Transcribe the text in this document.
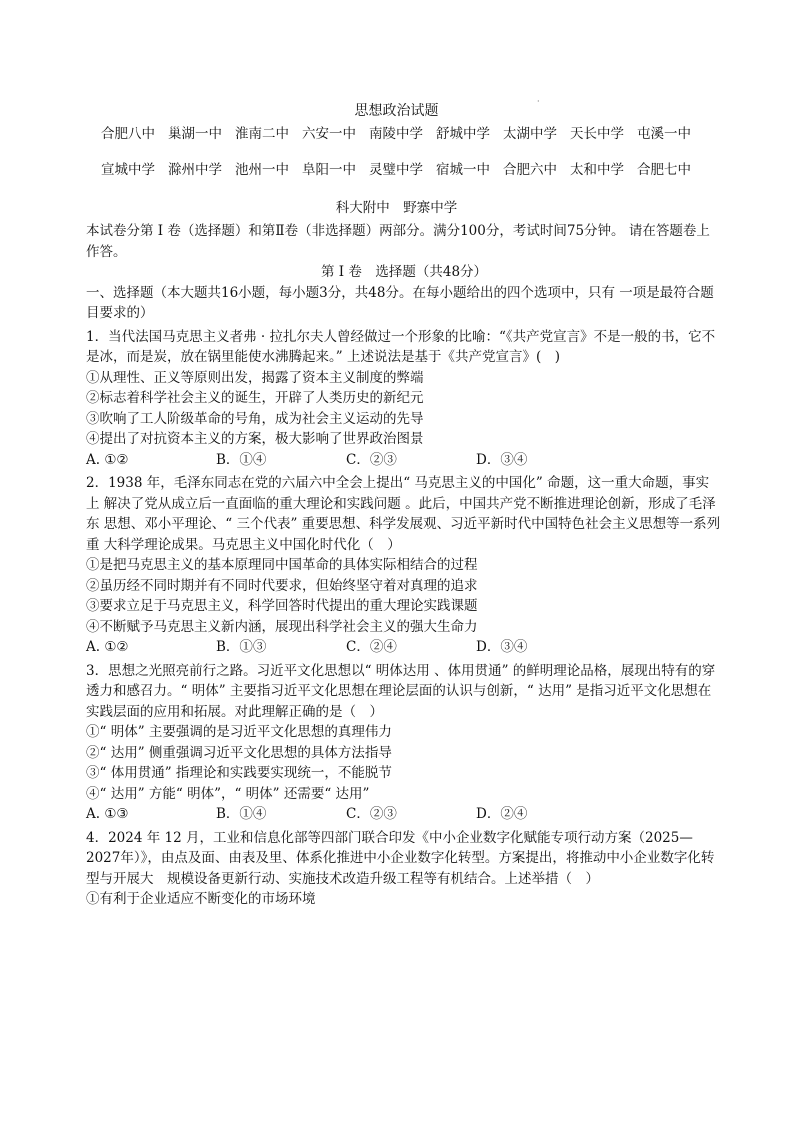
·
思想政治试题
合肥八中 巢湖一中 淮南二中 六安一中 南陵中学 舒城中学 太湖中学 天长中学 屯溪一中
宣城中学 滁州中学 池州一中 阜阳一中 灵璧中学 宿城一中 合肥六中 太和中学 合肥七中
科大附中　野寨中学

本试卷分第 Ⅰ 卷（选择题）和第Ⅱ卷（非选择题）两部分。满分100分，考试时间75分钟。 请在答题卷上作答。

第 Ⅰ 卷　选择题（共48分）

一、选择题（本大题共16小题，每小题3分，共48分。在每小题给出的四个选项中，只有 一项是最符合题目要求的）

1．当代法国马克思主义者弗 · 拉扎尔夫人曾经做过一个形象的比喻：“《共产党宣言》不是一般的书，它不是冰，而是炭，放在锅里能使水沸腾起来。” 上述说法是基于《共产党宣言》(　)

①从理性、正义等原则出发，揭露了资本主义制度的弊端

②标志着科学社会主义的诞生，开辟了人类历史的新纪元

③吹响了工人阶级革命的号角，成为社会主义运动的先导

④提出了对抗资本主义的方案，极大影响了世界政治图景

A. ①②	B．①④	C．②③	D．③④

2．1938 年，毛泽东同志在党的六届六中全会上提出“ 马克思主义的中国化” 命题，这一重大命题，事实上 解决了党从成立后一直面临的重大理论和实践问题 。此后，中国共产党不断推进理论创新，形成了毛泽东 思想、邓小平理论、“ 三个代表” 重要思想、科学发展观、习近平新时代中国特色社会主义思想等一系列重 大科学理论成果。马克思主义中国化时代化（　）

①是把马克思主义的基本原理同中国革命的具体实际相结合的过程

②虽历经不同时期并有不同时代要求，但始终坚守着对真理的追求

③要求立足于马克思主义，科学回答时代提出的重大理论实践课题

④不断赋予马克思主义新内涵，展现出科学社会主义的强大生命力

A. ①②	B．①③	C．②④	D．③④

3．思想之光照亮前行之路。习近平文化思想以“ 明体达用 、体用贯通” 的鲜明理论品格，展现出特有的穿 透力和感召力。“ 明体” 主要指习近平文化思想在理论层面的认识与创新，“ 达用” 是指习近平文化思想在 实践层面的应用和拓展。对此理解正确的是（　）

①“ 明体” 主要强调的是习近平文化思想的真理伟力

②“ 达用” 侧重强调习近平文化思想的具体方法指导

③“ 体用贯通” 指理论和实践要实现统一，不能脱节

④“ 达用” 方能“ 明体”，“ 明体” 还需要“ 达用”

A. ①③	B．①④	C．②③	D．②④

4．2024 年 12 月，工业和信息化部等四部门联合印发《中小企业数字化赋能专项行动方案（2025—2027年）》，由点及面、由表及里、体系化推进中小企业数字化转型。方案提出，将推动中小企业数字化转型与开展大　规模设备更新行动、实施技术改造升级工程等有机结合。上述举措（　）

①有利于企业适应不断变化的市场环境
